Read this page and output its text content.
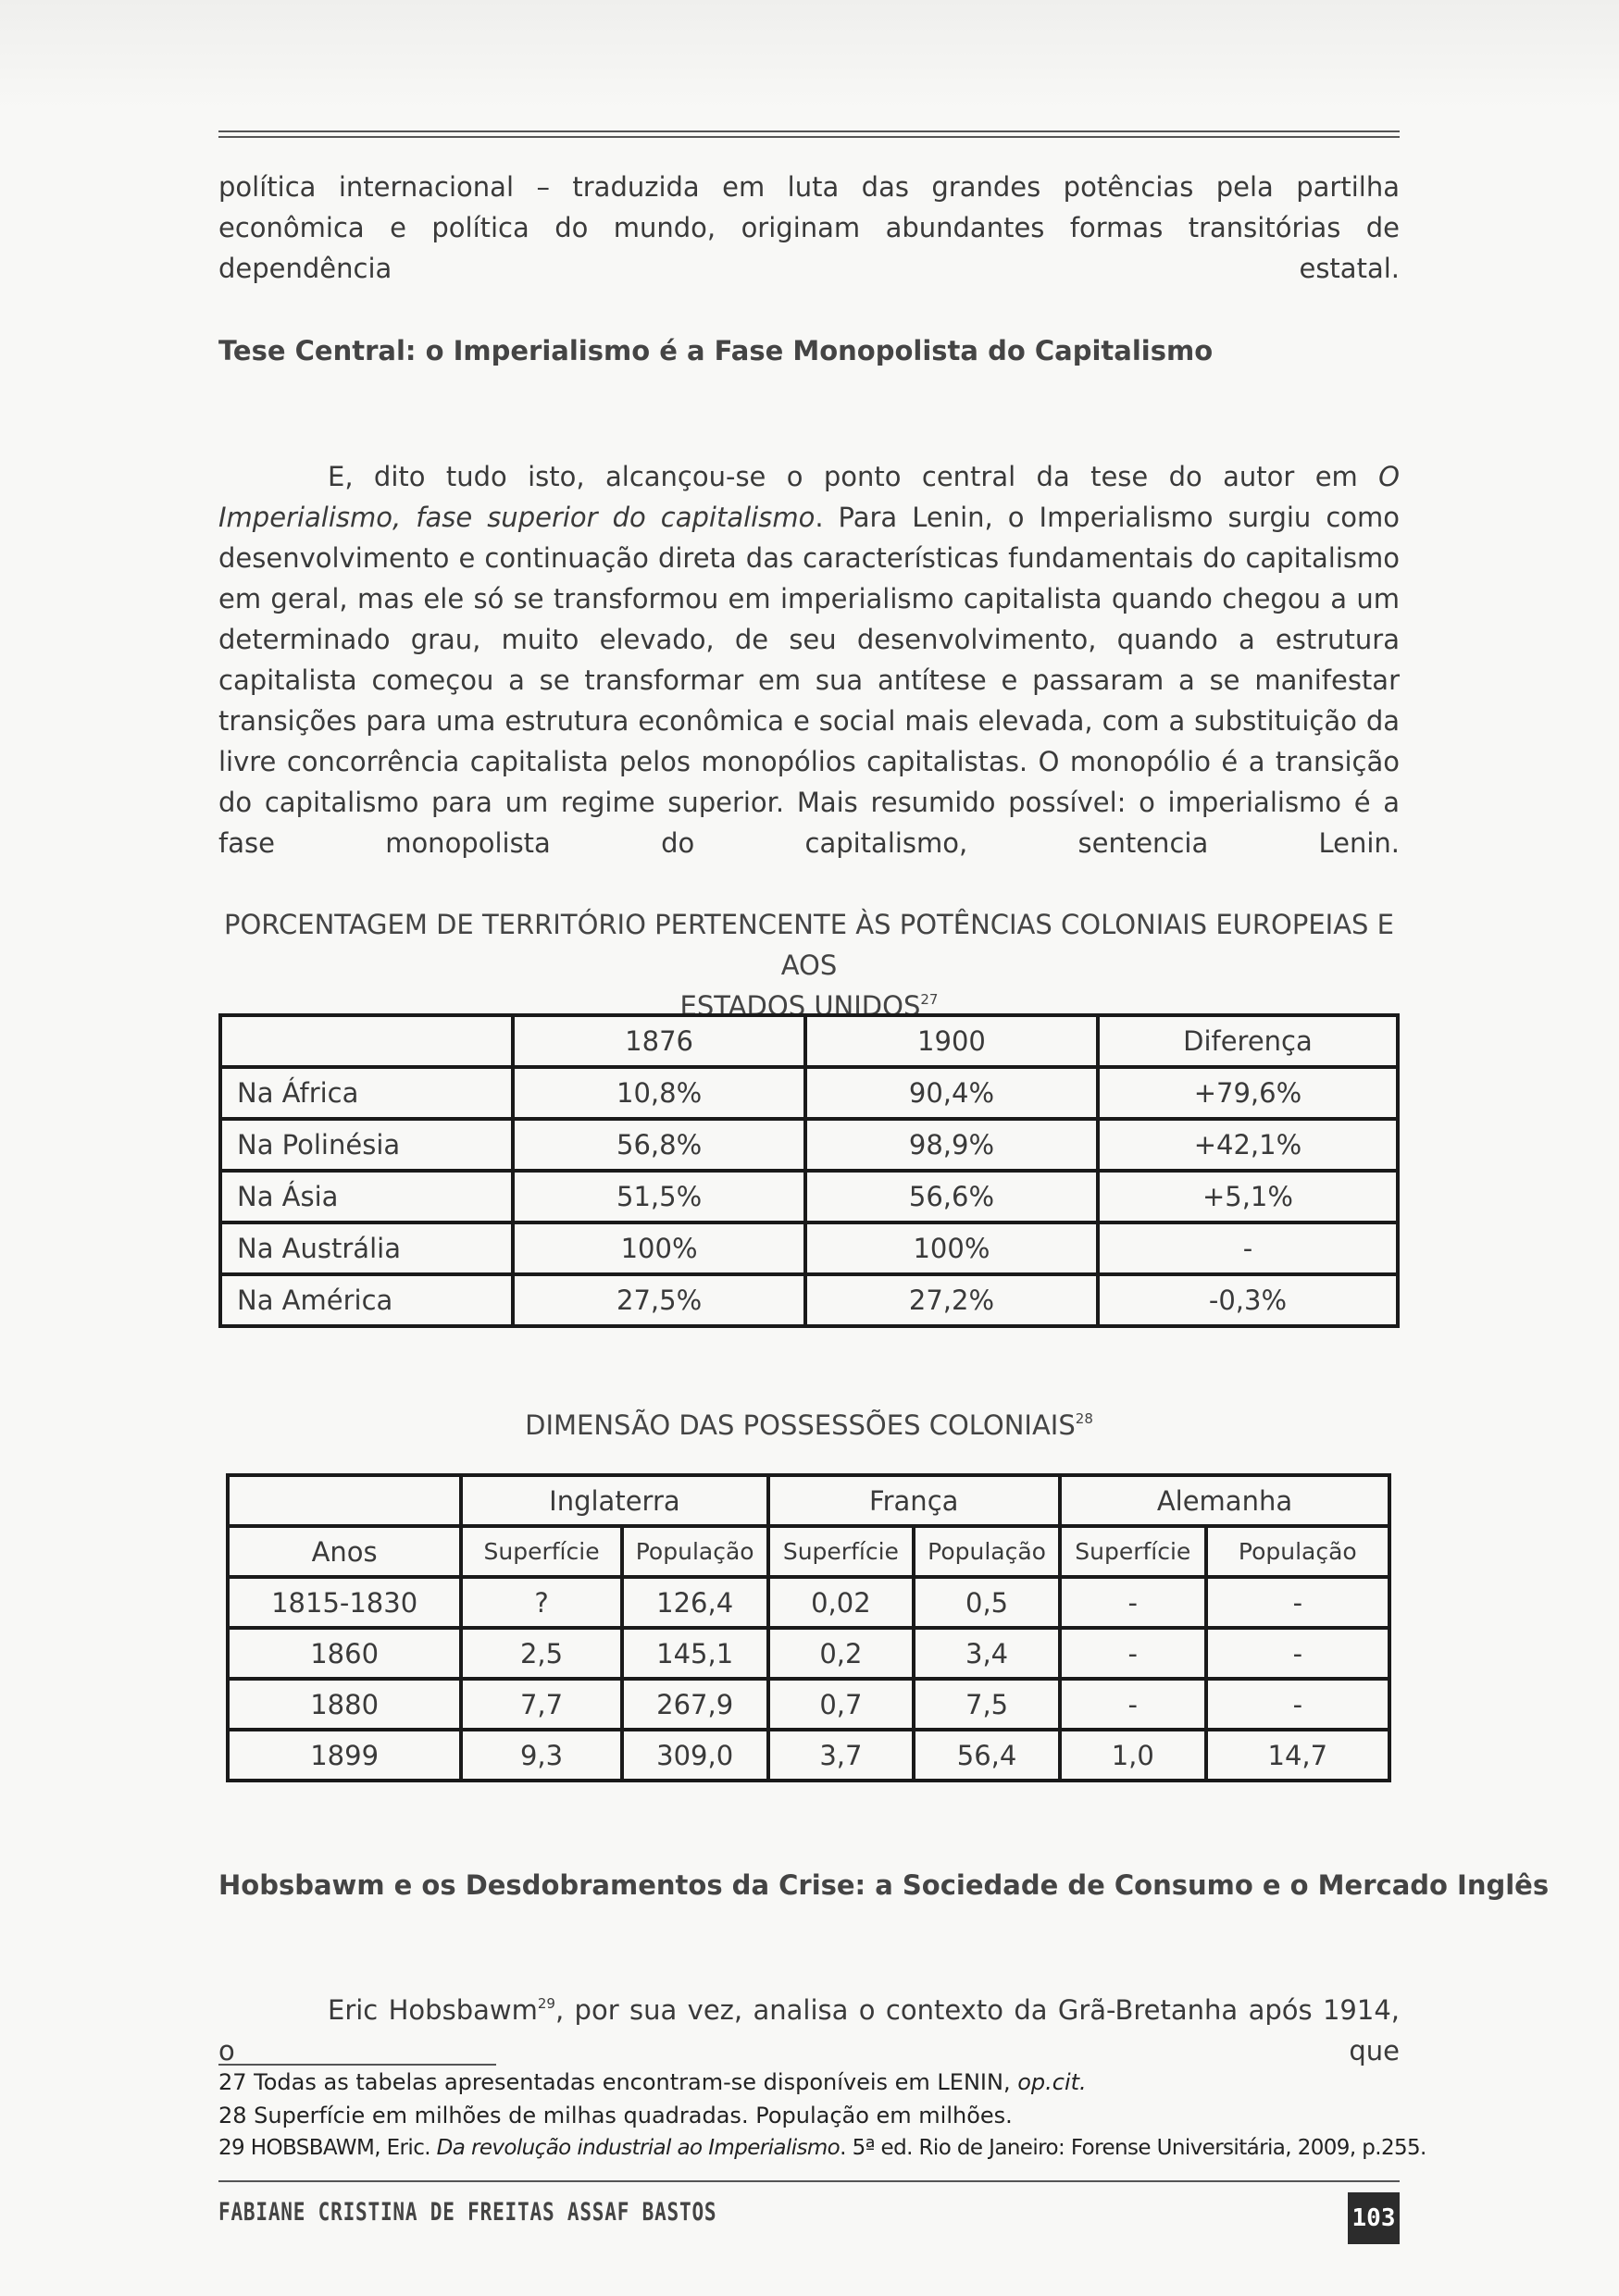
política internacional – traduzida em luta das grandes potências pela partilha econômica e política do mundo, originam abundantes formas transitórias de dependência estatal.

Tese Central: o Imperialismo é a Fase Monopolista do Capitalismo

E, dito tudo isto, alcançou-se o ponto central da tese do autor em O Imperialismo, fase superior do capitalismo. Para Lenin, o Imperialismo surgiu como desenvolvimento e continuação direta das características fundamentais do capitalismo em geral, mas ele só se transformou em imperialismo capitalista quando chegou a um determinado grau, muito elevado, de seu desenvolvimento, quando a estrutura capitalista começou a se transformar em sua antítese e passaram a se manifestar transições para uma estrutura econômica e social mais elevada, com a substituição da livre concorrência capitalista pelos monopólios capitalistas. O monopólio é a transição do capitalismo para um regime superior. Mais resumido possível: o imperialismo é a fase monopolista do capitalismo, sentencia Lenin.

PORCENTAGEM DE TERRITÓRIO PERTENCENTE ÀS POTÊNCIAS COLONIAIS EUROPEIAS E AOS
ESTADOS UNIDOS$^{27}$
	1876	1900	Diferença
Na África	10,8%	90,4%	+79,6%
Na Polinésia	56,8%	98,9%	+42,1%
Na Ásia	51,5%	56,6%	+5,1%
Na Austrália	100%	100%	-
Na América	27,5%	27,2%	-0,3%
DIMENSÃO DAS POSSESSÕES COLONIAIS$^{28}$
	Inglaterra		França		Alemanha	
Anos	Superfície	População	Superfície	População	Superfície	População
1815-1830	?	126,4	0,02	0,5	-	-
1860	2,5	145,1	0,2	3,4	-	-
1880	7,7	267,9	0,7	7,5	-	-
1899	9,3	309,0	3,7	56,4	1,0	14,7
Hobsbawm e os Desdobramentos da Crise: a Sociedade de Consumo e o Mercado Inglês

Eric Hobsbawm$^{29}$, por sua vez, analisa o contexto da Grã-Bretanha após 1914, o que

27 Todas as tabelas apresentadas encontram-se disponíveis em LENIN, op.cit.
28 Superfície em milhões de milhas quadradas. População em milhões.
29 HOBSBAWM, Eric. Da revolução industrial ao Imperialismo. 5ª ed. Rio de Janeiro: Forense Universitária, 2009, p.255.
FABIANE CRISTINA DE FREITAS ASSAF BASTOS	103
